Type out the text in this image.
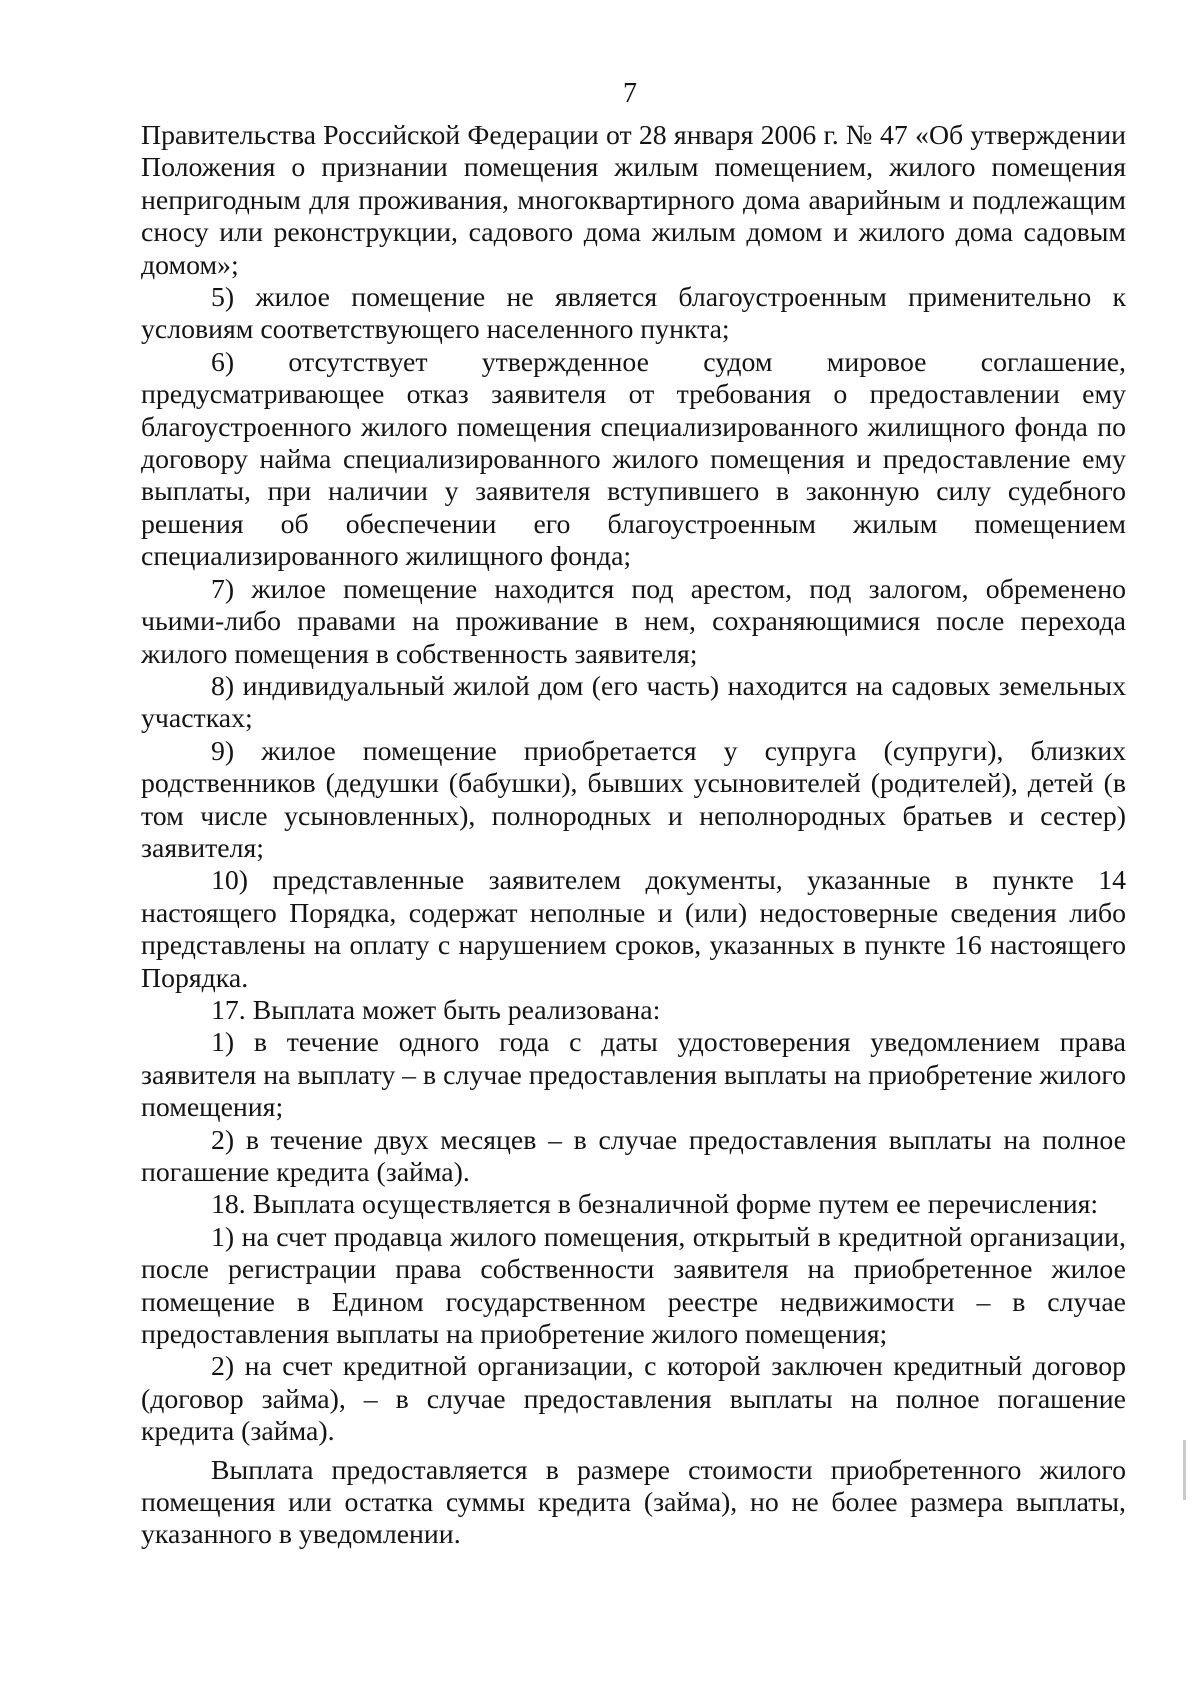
7

Правительства Российской Федерации от 28 января 2006 г. № 47 «Об утверждении Положения о признании помещения жилым помещением, жилого помещения непригодным для проживания, многоквартирного дома аварийным и подлежащим сносу или реконструкции, садового дома жилым домом и жилого дома садовым домом»;

5) жилое помещение не является благоустроенным применительно к условиям соответствующего населенного пункта;

6) отсутствует утвержденное судом мировое соглашение, предусматривающее отказ заявителя от требования о предоставлении ему благоустроенного жилого помещения специализированного жилищного фонда по договору найма специализированного жилого помещения и предоставление ему выплаты, при наличии у заявителя вступившего в законную силу судебного решения об обеспечении его благоустроенным жилым помещением специализированного жилищного фонда;

7) жилое помещение находится под арестом, под залогом, обременено чьими-либо правами на проживание в нем, сохраняющимися после перехода жилого помещения в собственность заявителя;

8) индивидуальный жилой дом (его часть) находится на садовых земельных участках;

9) жилое помещение приобретается у супруга (супруги), близких родственников (дедушки (бабушки), бывших усыновителей (родителей), детей (в том числе усыновленных), полнородных и неполнородных братьев и сестер) заявителя;

10) представленные заявителем документы, указанные в пункте 14 настоящего Порядка, содержат неполные и (или) недостоверные сведения либо представлены на оплату с нарушением сроков, указанных в пункте 16 настоящего Порядка.

17. Выплата может быть реализована:

1) в течение одного года с даты удостоверения уведомлением права заявителя на выплату – в случае предоставления выплаты на приобретение жилого помещения;

2) в течение двух месяцев – в случае предоставления выплаты на полное погашение кредита (займа).

18. Выплата осуществляется в безналичной форме путем ее перечисления:

1) на счет продавца жилого помещения, открытый в кредитной организации, после регистрации права собственности заявителя на приобретенное жилое помещение в Едином государственном реестре недвижимости – в случае предоставления выплаты на приобретение жилого помещения;

2) на счет кредитной организации, с которой заключен кредитный договор (договор займа), – в случае предоставления выплаты на полное погашение кредита (займа).

Выплата предоставляется в размере стоимости приобретенного жилого помещения или остатка суммы кредита (займа), но не более размера выплаты, указанного в уведомлении.
